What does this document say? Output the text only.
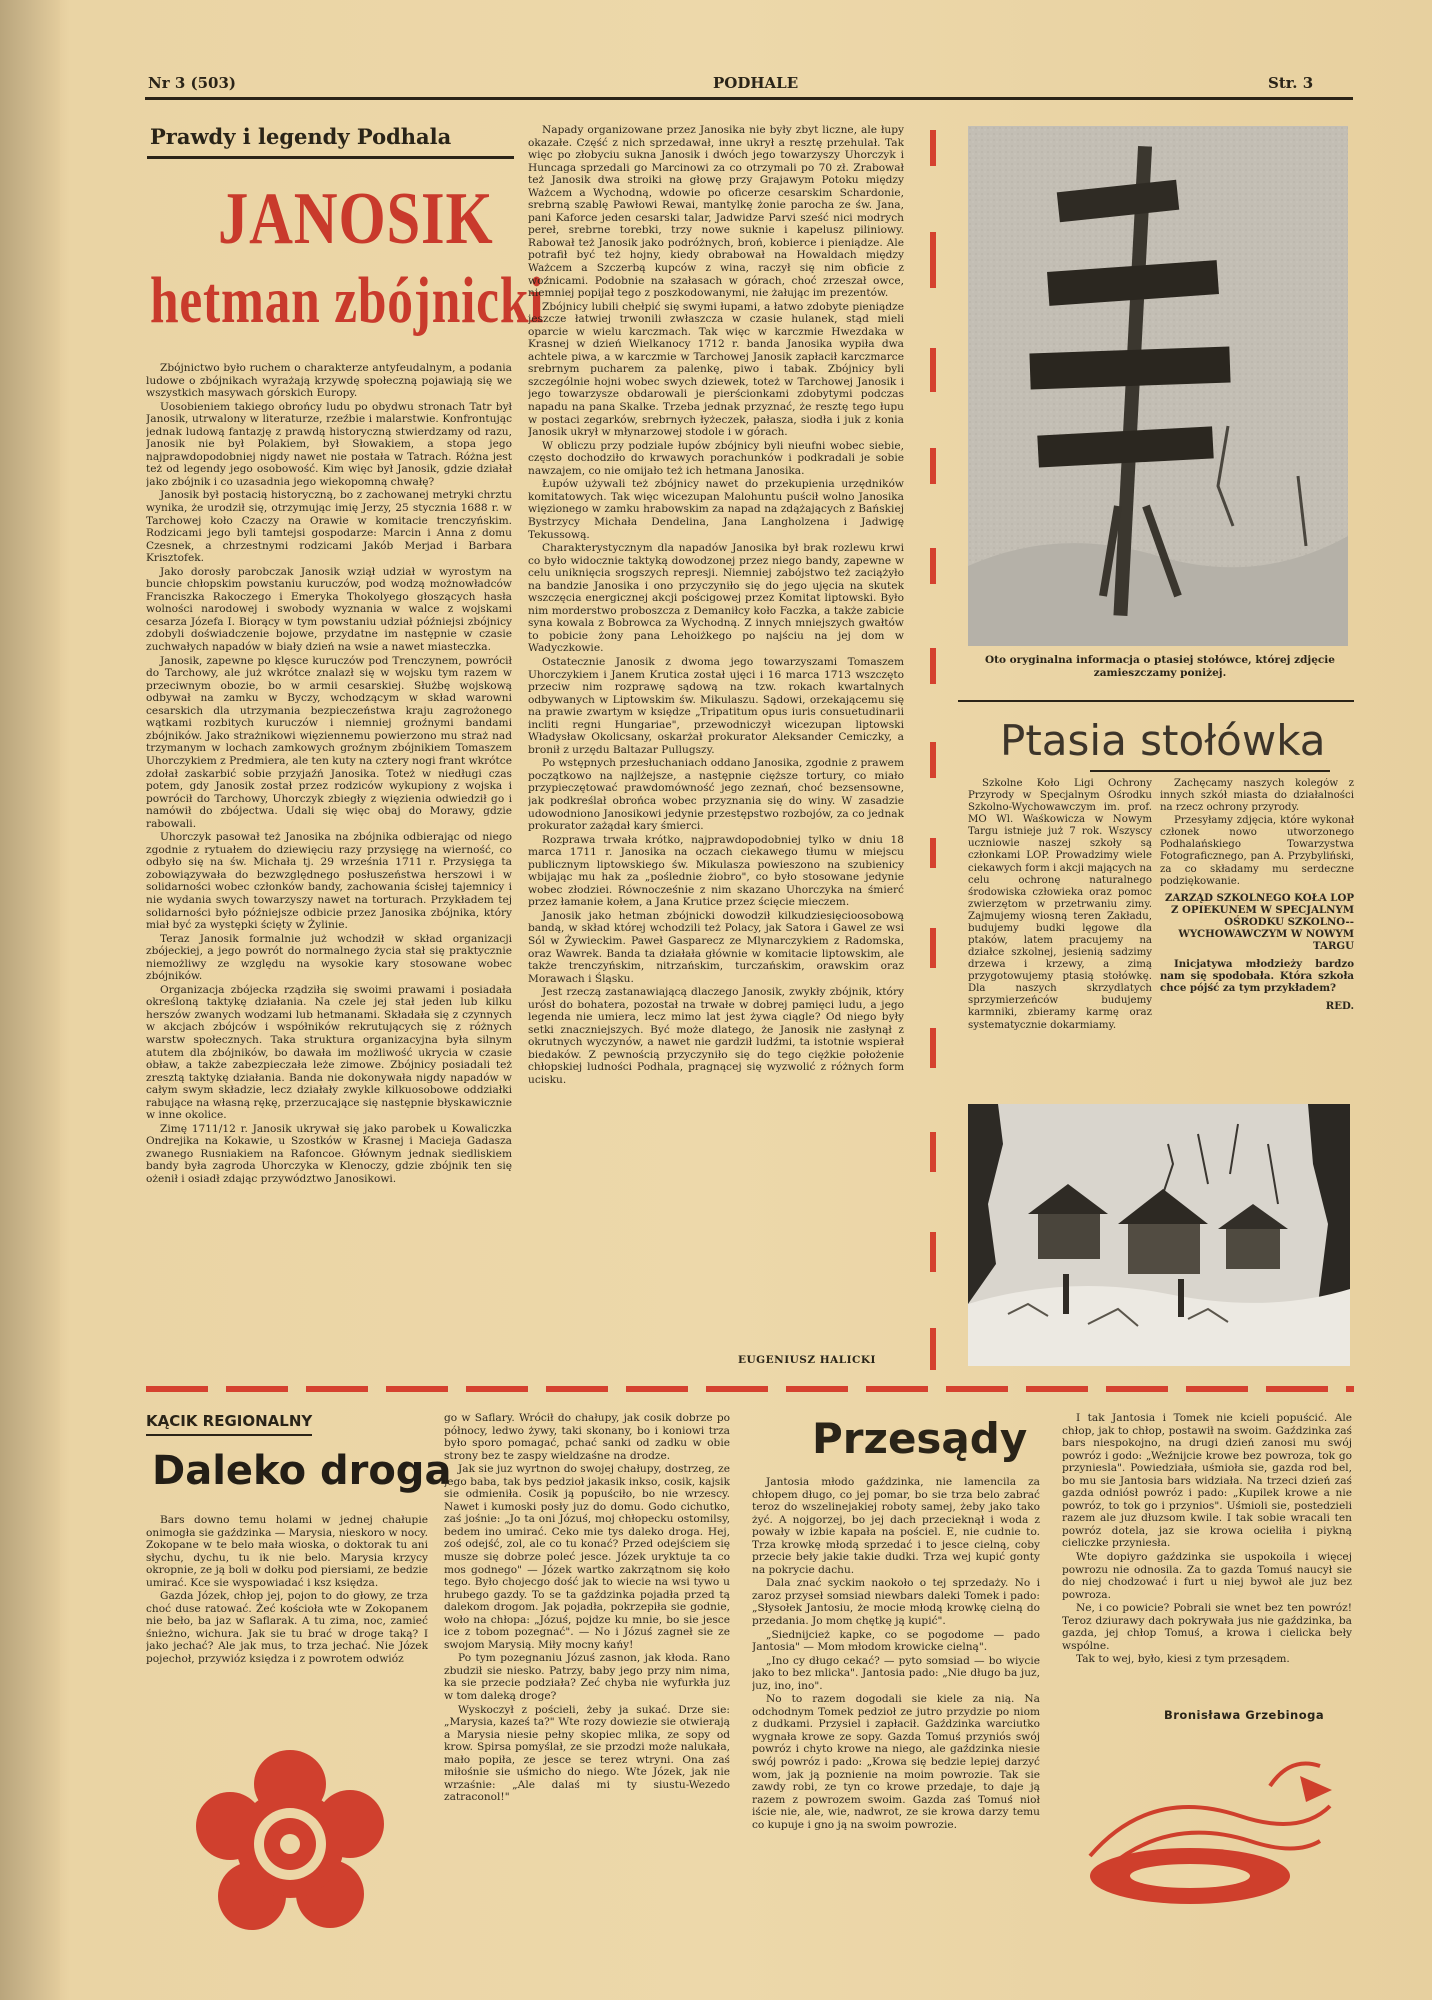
Nr 3 (503)	PODHALE	Str. 3
Prawdy i legendy Podhala
JANOSIK
hetman zbójnicki

Zbójnictwo było ruchem o charakterze antyfeudalnym, a podania ludowe o zbójnikach wyrażają krzywdę społeczną pojawiają się we wszystkich masywach górskich Europy.

Uosobieniem takiego obrońcy ludu po obydwu stronach Tatr był Janosik, utrwalony w literaturze, rzeźbie i malarstwie. Konfrontując jednak ludową fantazję z prawdą historyczną stwierdzamy od razu, Janosik nie był Polakiem, był Słowakiem, a stopa jego najprawdopodobniej nigdy nawet nie postała w Tatrach. Różna jest też od legendy jego osobowość. Kim więc był Janosik, gdzie działał jako zbójnik i co uzasadnia jego wiekopomną chwałę?

Janosik był postacią historyczną, bo z zachowanej metryki chrztu wynika, że urodził się, otrzymując imię Jerzy, 25 stycznia 1688 r. w Tarchowej koło Czaczy na Orawie w komitacie trenczyńskim. Rodzicami jego byli tamtejsi gospodarze: Marcin i Anna z domu Czesnek, a chrzestnymi rodzicami Jakób Merjad i Barbara Krisztofek.

Jako dorosły parobczak Janosik wziął udział w wyrostym na buncie chłopskim powstaniu kuruczów, pod wodzą możnowładców Franciszka Rakoczego i Emeryka Thokolyego głoszących hasła wolności narodowej i swobody wyznania w walce z wojskami cesarza Józefa I. Biorący w tym powstaniu udział późniejsi zbójnicy zdobyli doświadczenie bojowe, przydatne im następnie w czasie zuchwałych napadów w biały dzień na wsie a nawet miasteczka.

Janosik, zapewne po klęsce kuruczów pod Trenczynem, powrócił do Tarchowy, ale już wkrótce znalazł się w wojsku tym razem w przeciwnym obozie, bo w armii cesarskiej. Służbę wojskową odbywał na zamku w Byczy, wchodzącym w skład warowni cesarskich dla utrzymania bezpieczeństwa kraju zagrożonego wątkami rozbitych kuruczów i niemniej groźnymi bandami zbójników. Jako strażnikowi więziennemu powierzono mu straż nad trzymanym w lochach zamkowych groźnym zbójnikiem Tomaszem Uhorczykiem z Predmiera, ale ten kuty na cztery nogi frant wkrótce zdołał zaskarbić sobie przyjaźń Janosika. Toteż w niedługi czas potem, gdy Janosik został przez rodziców wykupiony z wojska i powrócił do Tarchowy, Uhorczyk zbiegły z więzienia odwiedził go i namówił do zbójectwa. Udali się więc obaj do Morawy, gdzie rabowali.

Uhorczyk pasował też Janosika na zbójnika odbierając od niego zgodnie z rytuałem do dziewięciu razy przysięgę na wierność, co odbyło się na św. Michała tj. 29 września 1711 r. Przysięga ta zobowiązywała do bezwzględnego posłuszeństwa herszowi i w solidarności wobec członków bandy, zachowania ścisłej tajemnicy i nie wydania swych towarzyszy nawet na torturach. Przykładem tej solidarności było późniejsze odbicie przez Janosika zbójnika, który miał być za występki ścięty w Żylinie.

Teraz Janosik formalnie już wchodził w skład organizacji zbójeckiej, a jego powrót do normalnego życia stał się praktycznie niemożliwy ze względu na wysokie kary stosowane wobec zbójników.

Organizacja zbójecka rządziła się swoimi prawami i posiadała określoną taktykę działania. Na czele jej stał jeden lub kilku herszów zwanych wodzami lub hetmanami. Składała się z czynnych w akcjach zbójców i współników rekrutujących się z różnych warstw społecznych. Taka struktura organizacyjna była silnym atutem dla zbójników, bo dawała im możliwość ukrycia w czasie obław, a także zabezpieczała leże zimowe. Zbójnicy posiadali też zresztą taktykę działania. Banda nie dokonywała nigdy napadów w całym swym składzie, lecz działały zwykle kilkuosobowe oddziałki rabujące na własną rękę, przerzucające się następnie błyskawicznie w inne okolice.

Zimę 1711/12 r. Janosik ukrywał się jako parobek u Kowaliczka Ondrejika na Kokawie, u Szostków w Krasnej i Macieja Gadasza zwanego Rusniakiem na Rafoncoe. Głównym jednak siedliskiem bandy była zagroda Uhorczyka w Klenoczy, gdzie zbójnik ten się ożenił i osiadł zdając przywództwo Janosikowi.

Napady organizowane przez Janosika nie były zbyt liczne, ale łupy okazałe. Część z nich sprzedawał, inne ukrył a resztę przehulał. Tak więc po złobyciu sukna Janosik i dwóch jego towarzyszy Uhorczyk i Huncaga sprzedali go Marcinowi za co otrzymali po 70 zł. Zrabował też Janosik dwa stroiki na głowę przy Grajawym Potoku między Ważcem a Wychodną, wdowie po oficerze cesarskim Schardonie, srebrną szablę Pawłowi Rewai, mantylkę żonie parocha ze św. Jana, pani Kaforce jeden cesarski talar, Jadwidze Parvi sześć nici modrych pereł, srebrne torebki, trzy nowe suknie i kapelusz piliniowy. Rabował też Janosik jako podróżnych, broń, kobierce i pieniądze. Ale potrafił być też hojny, kiedy obrabował na Howaldach między Ważcem a Szczerbą kupców z wina, raczył się nim obficie z woźnicami. Podobnie na szałasach w górach, choć zrzeszał owce, niemniej popijał tego z poszkodowanymi, nie żałując im prezentów.

Zbójnicy lubili chełpić się swymi łupami, a łatwo zdobyte pieniądze jeszcze łatwiej trwonili zwłaszcza w czasie hulanek, stąd mieli oparcie w wielu karczmach. Tak więc w karczmie Hwezdaka w Krasnej w dzień Wielkanocy 1712 r. banda Janosika wypiła dwa achtele piwa, a w karczmie w Tarchowej Janosik zapłacił karczmarce srebrnym pucharem za palenkę, piwo i tabak. Zbójnicy byli szczególnie hojni wobec swych dziewek, toteż w Tarchowej Janosik i jego towarzysze obdarowali je pierścionkami zdobytymi podczas napadu na pana Skalke. Trzeba jednak przyznać, że resztę tego łupu w postaci zegarków, srebrnych łyżeczek, pałasza, siodła i juk z konia Janosik ukrył w młynarzowej stodole i w górach.

W obliczu przy podziale łupów zbójnicy byli nieufni wobec siebie, często dochodziło do krwawych porachunków i podkradali je sobie nawzajem, co nie omijało też ich hetmana Janosika.

Łupów używali też zbójnicy nawet do przekupienia urzędników komitatowych. Tak więc wicezupan Malohuntu puścił wolno Janosika więzionego w zamku hrabowskim za napad na zdążających z Bańskiej Bystrzycy Michała Dendelina, Jana Langholzena i Jadwigę Tekussową.

Charakterystycznym dla napadów Janosika był brak rozlewu krwi co było widocznie taktyką dowodzonej przez niego bandy, zapewne w celu uniknięcia srogszych represji. Niemniej zabójstwo też zaciążyło na bandzie Janosika i ono przyczyniło się do jego ujęcia na skutek wszczęcia energicznej akcji pościgowej przez Komitat liptowski. Było nim morderstwo proboszcza z Demaniłcy koło Faczka, a także zabicie syna kowala z Bobrowca za Wychodną. Z innych mniejszych gwałtów to pobicie żony pana Lehoiżkego po najściu na jej dom w Wadyczkowie.

Ostatecznie Janosik z dwoma jego towarzyszami Tomaszem Uhorczykiem i Janem Krutica został ujęci i 16 marca 1713 wszczęto przeciw nim rozprawę sądową na tzw. rokach kwartalnych odbywanych w Liptowskim św. Mikulaszu. Sądowi, orzekającemu się na prawie zwartym w księdze „Tripatitum opus iuris consuetudinarii incliti regni Hungariae", przewodniczył wicezupan liptowski Władysław Okolicsany, oskarżał prokurator Aleksander Cemiczky, a bronił z urzędu Baltazar Pullugszy.

Po wstępnych przesłuchaniach oddano Janosika, zgodnie z prawem początkowo na najlżejsze, a następnie cięższe tortury, co miało przypieczętować prawdomówność jego zeznań, choć bezsensowne, jak podkreślał obrońca wobec przyznania się do winy. W zasadzie udowodniono Janosikowi jedynie przestępstwo rozbojów, za co jednak prokurator zażądał kary śmierci.

Rozprawa trwała krótko, najprawdopodobniej tylko w dniu 18 marca 1711 r. Janosika na oczach ciekawego tłumu w miejscu publicznym liptowskiego św. Mikulasza powieszono na szubienicy wbijając mu hak za „poślednie żiobro", co było stosowane jedynie wobec złodziei. Równocześnie z nim skazano Uhorczyka na śmierć przez łamanie kołem, a Jana Krutice przez ścięcie mieczem.

Janosik jako hetman zbójnicki dowodził kilkudziesięcioosobową bandą, w skład której wchodzili też Polacy, jak Satora i Gawel ze wsi Sól w Żywieckim. Paweł Gasparecz ze Mlynarczykiem z Radomska, oraz Wawrek. Banda ta działała głównie w komitacie liptowskim, ale także trenczyńskim, nitrzańskim, turczańskim, orawskim oraz Morawach i Śląsku.

Jest rzeczą zastanawiającą dlaczego Janosik, zwykły zbójnik, który urósł do bohatera, pozostał na trwałe w dobrej pamięci ludu, a jego legenda nie umiera, lecz mimo lat jest żywa ciągle? Od niego były setki znaczniejszych. Być może dlatego, że Janosik nie zasłynął z okrutnych wyczynów, a nawet nie gardził ludźmi, ta istotnie wspierał biedaków. Z pewnością przyczyniło się do tego ciężkie położenie chłopskiej ludności Podhala, pragnącej się wyzwolić z różnych form ucisku.

EUGENIUSZ HALICKI
Oto oryginalna informacja o ptasiej stołówce, której zdjęcie zamieszczamy poniżej.
Ptasia stołówka

Szkolne Koło Ligi Ochrony Przyrody w Specjalnym Ośrodku Szkolno-Wychowawczym im. prof. MO Wl. Waśkowicza w Nowym Targu istnieje już 7 rok. Wszyscy uczniowie naszej szkoły są członkami LOP. Prowadzimy wiele ciekawych form i akcji mających na celu ochronę naturalnego środowiska człowieka oraz pomoc zwierzętom w przetrwaniu zimy. Zajmujemy wiosną teren Zakładu, budujemy budki lęgowe dla ptaków, latem pracujemy na działce szkolnej, jesienią sadzimy drzewa i krzewy, a zimą przygotowujemy ptasią stołówkę. Dla naszych skrzydlatych sprzymierzeńców budujemy karmniki, zbieramy karmę oraz systematycznie dokarmiamy.

Zachęcamy naszych kolegów z innych szkół miasta do działalności na rzecz ochrony przyrody.

Przesyłamy zdjęcia, które wykonał członek nowo utworzonego Podhalańskiego Towarzystwa Fotograficznego, pan A. Przybyliński, za co składamy mu serdeczne podziękowanie.

ZARZĄD SZKOLNEGO KOŁA LOP Z OPIEKUNEM W SPECJALNYM OŚRODKU SZKOLNO--WYCHOWAWCZYM W NOWYM TARGU

Inicjatywa młodzieży bardzo nam się spodobała. Która szkoła chce pójść za tym przykładem?

RED.
KĄCIK REGIONALNY
Daleko droga

Bars downo temu holami w jednej chałupie onimogła sie gaździnka — Marysia, nieskoro w nocy. Zokopane w te belo mała wioska, o doktorak tu ani słychu, dychu, tu ik nie belo. Marysia krzycy okropnie, ze ją boli w dołku pod piersiami, ze bedzie umirać. Kce sie wyspowiadać i ksz księdza.

Gazda Józek, chłop jej, pojon to do głowy, ze trza choć duse ratować. Żeć kościoła wte w Zokopanem nie beło, ba jaz w Saflarak. A tu zima, noc, zamieć śnieżno, wichura. Jak sie tu brać w droge taką? I jako jechać? Ale jak mus, to trza jechać. Nie Józek pojechoł, przywióz księdza i z powrotem odwióz

go w Saflary. Wrócił do chałupy, jak cosik dobrze po północy, ledwo żywy, taki skonany, bo i koniowi trza było sporo pomagać, pchać sanki od zadku w obie strony bez te zaspy wieldzaśne na drodze.

Jak sie juz wyrtnon do swojej chałupy, dostrzeg, ze jego baba, tak bys pedzioł jakasik inkso, cosik, kajsik sie odmieniła. Cosik ją popuściło, bo nie wrzescy. Nawet i kumoski posły juz do domu. Godo cichutko, zaś jośnie: „Jo ta oni Józuś, moj chłopecku ostomilsy, bedem ino umirać. Ceko mie tys daleko droga. Hej, zoś odejść, zol, ale co tu konać? Przed odejściem się musze się dobrze poleć jesce. Józek uryktuje ta co mos godnego" — Józek wartko zakrzątnom się koło tego. Było chojecgo dość jak to wiecie na wsi tywo u hrubego gazdy. To se ta gaździnka pojadła przed tą dalekom drogom. Jak pojadła, pokrzepiła sie godnie, woło na chłopa: „Józuś, pojdze ku mnie, bo sie jesce ice z tobom pozegnać". — No i Józuś zagneł sie ze swojom Marysią. Miły mocny kańy!

Po tym pozegnaniu Józuś zasnon, jak kłoda. Rano zbudził sie niesko. Patrzy, baby jego przy nim nima, ka sie przecie podziała? Zeć chyba nie wyfurkła juz w tom daleką droge?

Wyskoczył z pościeli, żeby ja sukać. Drze sie: „Marysia, kaześ ta?" Wte rozy dowiezie sie otwierają a Marysia niesie pełny skopiec mlika, ze sopy od krow. Spirsa pomyślał, ze sie przodzi może nalukała, mało popiła, ze jesce se terez wtryni. Ona zaś miłośnie sie uśmicho do niego. Wte Józek, jak nie wrzaśnie: „Ale dalaś mi ty siustu-Wezedo zatraconol!"

Przesądy

Jantosia młodo gaździnka, nie lamencila za chłopem długo, co jej pomar, bo sie trza belo zabrać teroz do wszelinejakiej roboty samej, żeby jako tako żyć. A nojgorzej, bo jej dach przecieknął i woda z powały w izbie kapała na pościel. E, nie cudnie to. Trza krowkę młodą sprzedać i to jesce cielną, coby przecie beły jakie takie dudki. Trza wej kupić gonty na pokrycie dachu.

Dala znać syckim naokoło o tej sprzedaży. No i zaroz przyseł somsiad niewbars daleki Tomek i pado: „Słysołek Jantosiu, że mocie młodą krowkę cielną do przedania. Jo mom chętkę ją kupić".

„Siednijcież kapke, co se pogodome — pado Jantosia" — Mom młodom krowicke cielną".

„Ino cy długo cekać? — pyto somsiad — bo wiycie jako to bez mlicka". Jantosia pado: „Nie długo ba juz, juz, ino, ino".

No to razem dogodali sie kiele za nią. Na odchodnym Tomek pedzioł ze jutro przydzie po niom z dudkami. Przysiel i zapłacił. Gaździnka warciutko wygnała krowe ze sopy. Gazda Tomuś przyniós swój powróz i chyto krowe na niego, ale gaździnka niesie swój powróz i pado: „Krowa się bedzie lepiej darzyć wom, jak ją poznienie na moim powrozie. Tak sie zawdy robi, ze tyn co krowe przedaje, to daje ją razem z powrozem swoim. Gazda zaś Tomuś nioł iście nie, ale, wie, nadwrot, ze sie krowa darzy temu co kupuje i gno ją na swoim powrozie.

I tak Jantosia i Tomek nie kcieli popuścić. Ale chłop, jak to chłop, postawił na swoim. Gaździnka zaś bars niespokojno, na drugi dzień zanosi mu swój powróz i godo: „Weźnijcie krowe bez powroza, tok go przyniesla". Powiedziała, uśmioła sie, gazda rod bel, bo mu sie Jantosia bars widziała. Na trzeci dzień zaś gazda odniósł powróz i pado: „Kupilek krowe a nie powróz, to tok go i przynios". Uśmioli sie, postedzieli razem ale juz dłuzsom kwile. I tak sobie wracali ten powróz dotela, jaz sie krowa ocieliła i piykną cieliczke przyniesła.

Wte dopiyro gaździnka sie uspokoila i więcej powrozu nie odnosila. Za to gazda Tomuś naucył sie do niej chodzować i furt u niej bywoł ale juz bez powroza.

Ne, i co powicie? Pobrali sie wnet bez ten powróz! Teroz dziurawy dach pokrywała jus nie gaździnka, ba gazda, jej chłop Tomuś, a krowa i cielicka beły wspólne.

Tak to wej, było, kiesi z tym przesądem.

Bronisława Grzebinoga
